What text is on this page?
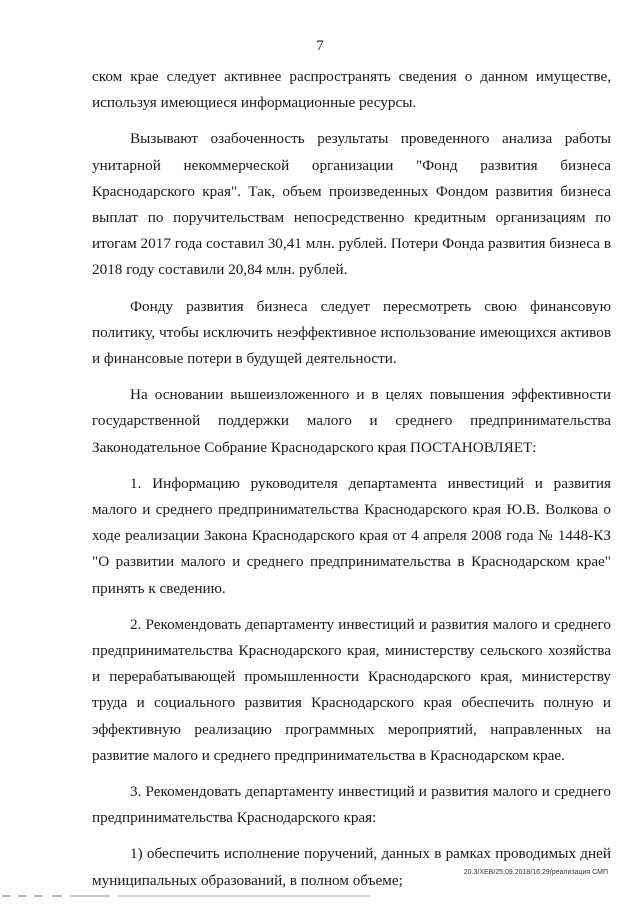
7

ском крае следует активнее распространять сведения о данном имуществе, используя имеющиеся информационные ресурсы.

Вызывают озабоченность результаты проведенного анализа работы унитарной некоммерческой организации "Фонд развития бизнеса Краснодарского края". Так, объем произведенных Фондом развития бизнеса выплат по поручительствам непосредственно кредитным организациям по итогам 2017 года составил 30,41 млн. рублей. Потери Фонда развития бизнеса в 2018 году составили 20,84 млн. рублей.

Фонду развития бизнеса следует пересмотреть свою финансовую политику, чтобы исключить неэффективное использование имеющихся активов и финансовые потери в будущей деятельности.

На основании вышеизложенного и в целях повышения эффективности государственной поддержки малого и среднего предпринимательства Законодательное Собрание Краснодарского края ПОСТАНОВЛЯЕТ:

1. Информацию руководителя департамента инвестиций и развития малого и среднего предпринимательства Краснодарского края Ю.В. Волкова о ходе реализации Закона Краснодарского края от 4 апреля 2008 года № 1448-КЗ "О развитии малого и среднего предпринимательства в Краснодарском крае" принять к сведению.

2. Рекомендовать департаменту инвестиций и развития малого и среднего предпринимательства Краснодарского края, министерству сельского хозяйства и перерабатывающей промышленности Краснодарского края, министерству труда и социального развития Краснодарского края обеспечить полную и эффективную реализацию программных мероприятий, направленных на развитие малого и среднего предпринимательства в Краснодарском крае.

3. Рекомендовать департаменту инвестиций и развития малого и среднего предпринимательства Краснодарского края:

1) обеспечить исполнение поручений, данных в рамках проводимых дней муниципальных образований, в полном объеме;	20.3/ХЕВ/25.09.2018/16:29/реализация СМП
